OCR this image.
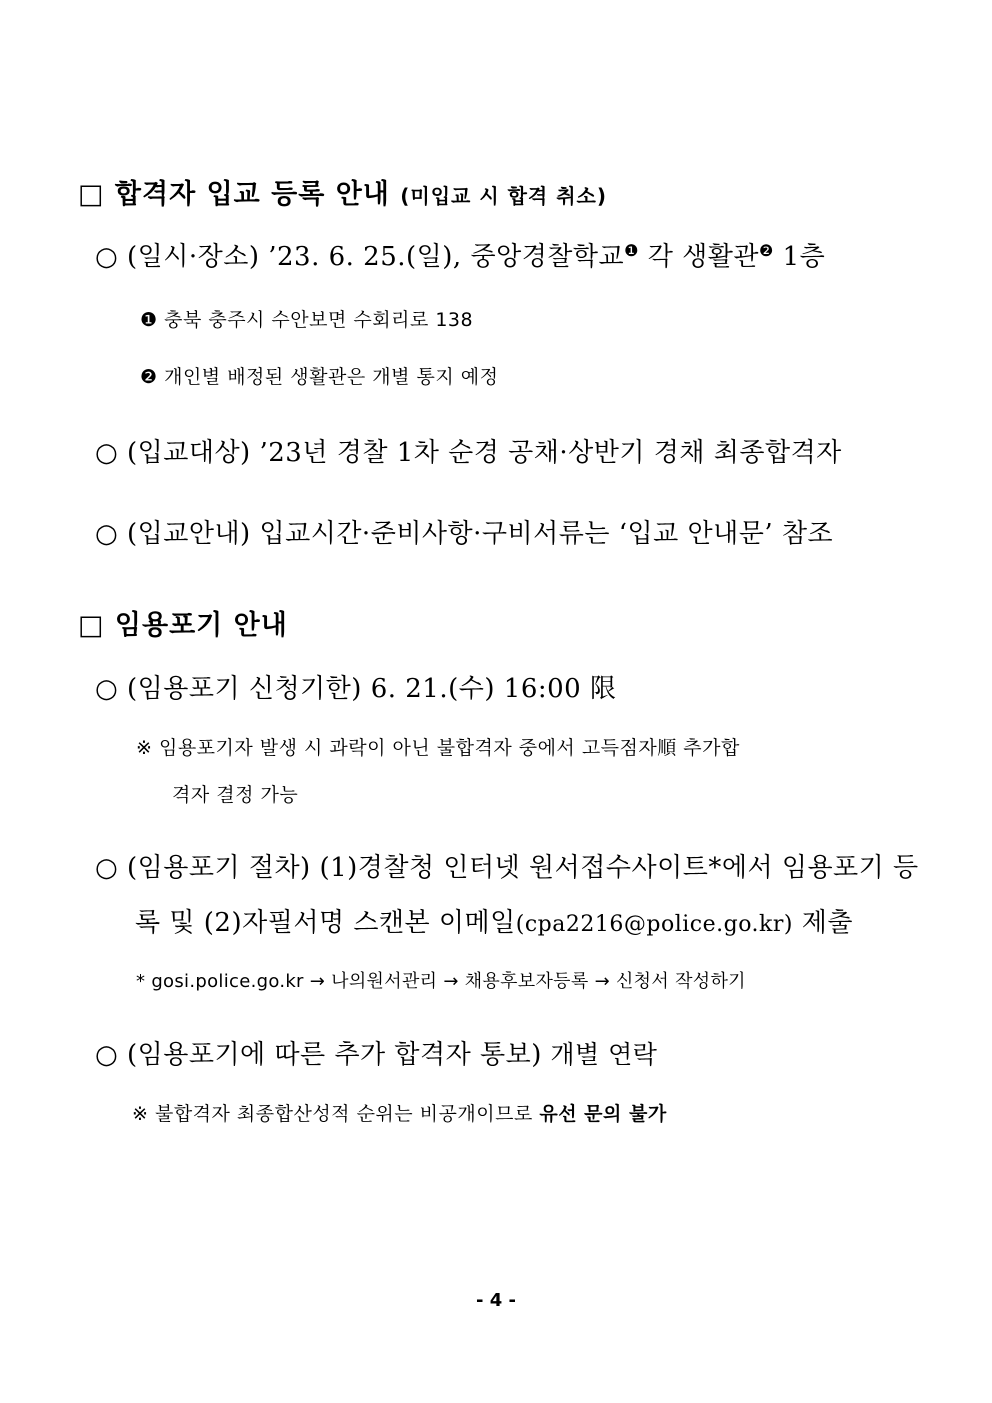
□ 합격자 입교 등록 안내 (미입교 시 합격 취소)
○ (일시·장소) ’23. 6. 25.(일), 중앙경찰학교$^❶$ 각 생활관$^❷$ 1층
❶ 충북 충주시 수안보면 수회리로 138
❷ 개인별 배정된 생활관은 개별 통지 예정
○ (입교대상) ’23년 경찰 1차 순경 공채·상반기 경채 최종합격자
○ (입교안내) 입교시간·준비사항·구비서류는 ‘입교 안내문’ 참조
□ 임용포기 안내
○ (임용포기 신청기한) 6. 21.(수) 16:00 限
※ 임용포기자 발생 시 과락이 아닌 불합격자 중에서 고득점자順 추가합
격자 결정 가능
○ (임용포기 절차) (1)경찰청 인터넷 원서접수사이트*에서 임용포기 등
록 및 (2)자필서명 스캔본 이메일(cpa2216@police.go.kr) 제출
* gosi.police.go.kr → 나의원서관리 → 채용후보자등록 → 신청서 작성하기
○ (임용포기에 따른 추가 합격자 통보) 개별 연락
※ 불합격자 최종합산성적 순위는 비공개이므로 유선 문의 불가
- 4 -
